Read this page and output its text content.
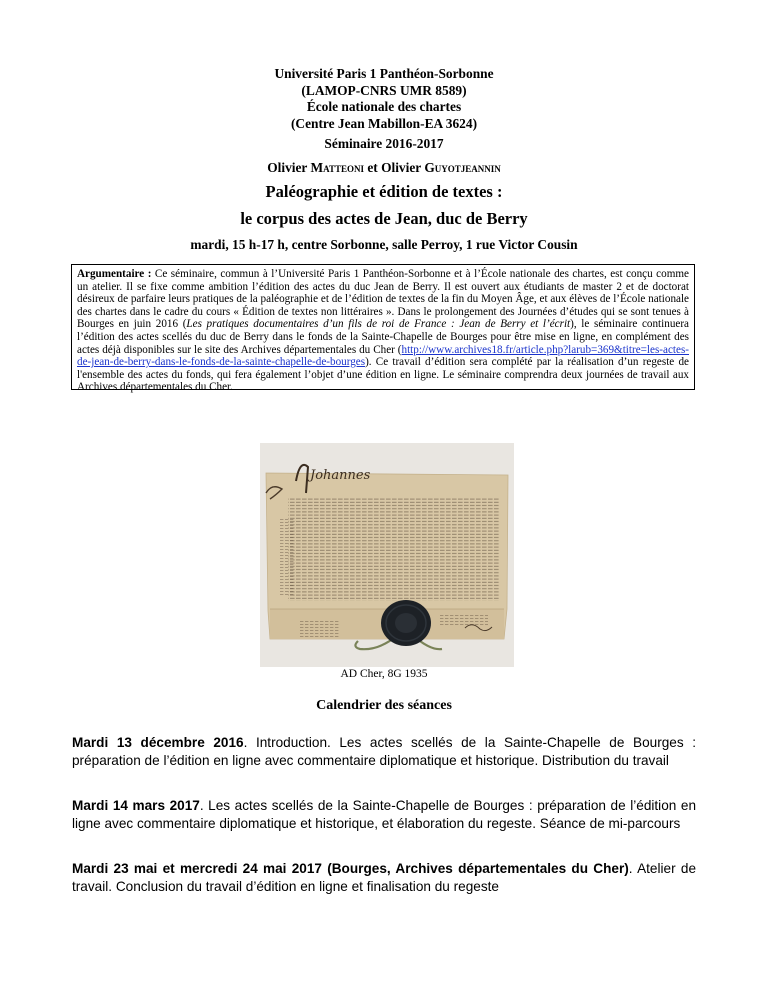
Université Paris 1 Panthéon-Sorbonne
(LAMOP-CNRS UMR 8589)
École nationale des chartes
(Centre Jean Mabillon-EA 3624)
Séminaire 2016-2017
Olivier Matteoni et Olivier Guyotjeannin
Paléographie et édition de textes :
le corpus des actes de Jean, duc de Berry
mardi, 15 h-17 h, centre Sorbonne, salle Perroy, 1 rue Victor Cousin
Argumentaire : Ce séminaire, commun à l’Université Paris 1 Panthéon-Sorbonne et à l’École nationale des chartes, est conçu comme un atelier. Il se fixe comme ambition l’édition des actes du duc Jean de Berry. Il est ouvert aux étudiants de master 2 et de doctorat désireux de parfaire leurs pratiques de la paléographie et de l’édition de textes de la fin du Moyen Âge, et aux élèves de l’École nationale des chartes dans le cadre du cours « Édition de textes non littéraires ». Dans le prolongement des Journées d’études qui se sont tenues à Bourges en juin 2016 (Les pratiques documentaires d’un fils de roi de France : Jean de Berry et l’écrit), le séminaire continuera l’édition des actes scellés du duc de Berry dans le fonds de la Sainte-Chapelle de Bourges pour être mise en ligne, en complément des actes déjà disponibles sur le site des Archives départementales du Cher (http://www.archives18.fr/article.php?larub=369&titre=les-actes-de-jean-de-berry-dans-le-fonds-de-la-sainte-chapelle-de-bourges). Ce travail d’édition sera complété par la réalisation d’un regeste de l'ensemble des actes du fonds, qui fera également l’objet d’une édition en ligne. Le séminaire comprendra deux journées de travail aux Archives départementales du Cher.
Johannes
AD Cher, 8G 1935
Calendrier des séances
Mardi 13 décembre 2016. Introduction. Les actes scellés de la Sainte-Chapelle de Bourges : préparation de l’édition en ligne avec commentaire diplomatique et historique. Distribution du travail
Mardi 14 mars 2017. Les actes scellés de la Sainte-Chapelle de Bourges : préparation de l’édition en ligne avec commentaire diplomatique et historique, et élaboration du regeste. Séance de mi-parcours
Mardi 23 mai et mercredi 24 mai 2017 (Bourges, Archives départementales du Cher). Atelier de travail. Conclusion du travail d’édition en ligne et finalisation du regeste
